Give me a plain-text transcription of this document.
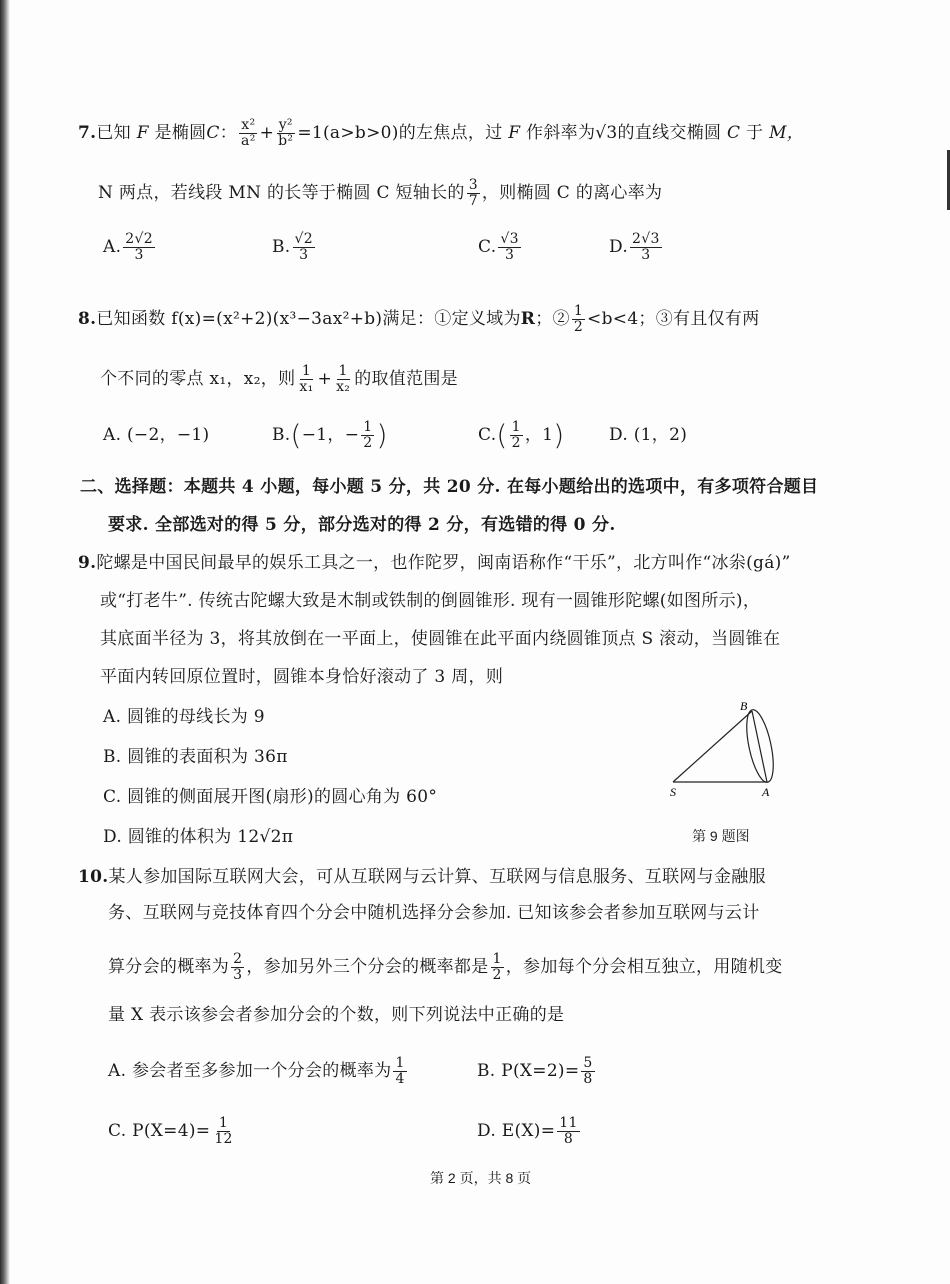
7.已知 F 是椭圆C： $\frac{\text{x²}}{\text{a²}} + \frac{\text{y²}}{\text{b²}} =1(a>b>0)$的左焦点，过 F 作斜率为√3的直线交椭圆 C 于 M，
N 两点，若线段 MN 的长等于椭圆 C 短轴长的 $\frac{3}{7}$ ，则椭圆 C 的离心率为
A. $\frac{2√2}{3}$	B. $\frac{√2}{3}$	C. $\frac{√3}{3}$	D. $\frac{2√3}{3}$
8.已知函数 f(x)=(x²+2)(x³−3ax²+b)满足：①定义域为R；② $\frac{1}{2} <b<4$；③有且仅有两
个不同的零点 x₁，x₂，则 $\frac{1}{\text{x₁}} + \frac{1}{\text{x₂}}$ 的取值范围是
A. (−2，−1)	B.(−1，− $\frac{1}{2}$ )	$C.( \frac{1}{2}$ ，1)	D. (1，2)
二、选择题：本题共 4 小题，每小题 5 分，共 20 分. 在每小题给出的选项中，有多项符合题目
要求. 全部选对的得 5 分，部分选对的得 2 分，有选错的得 0 分.
9.陀螺是中国民间最早的娱乐工具之一，也作陀罗，闽南语称作“干乐”，北方叫作“冰尜(gá)”
或“打老牛”. 传统古陀螺大致是木制或铁制的倒圆锥形. 现有一圆锥形陀螺(如图所示)，
其底面半径为 3，将其放倒在一平面上，使圆锥在此平面内绕圆锥顶点 S 滚动，当圆锥在
平面内转回原位置时，圆锥本身恰好滚动了 3 周，则
A. 圆锥的母线长为 9
B. 圆锥的表面积为 36π
C. 圆锥的侧面展开图(扇形)的圆心角为 60°
D. 圆锥的体积为 12√2π
B
S	A
第 9 题图
10.某人参加国际互联网大会，可从互联网与云计算、互联网与信息服务、互联网与金融服
务、互联网与竞技体育四个分会中随机选择分会参加. 已知该参会者参加互联网与云计
算分会的概率为 $\frac{2}{3}$ ，参加另外三个分会的概率都是 $\frac{1}{2}$ ，参加每个分会相互独立，用随机变
量 X 表示该参会者参加分会的个数，则下列说法中正确的是
A. 参会者至多参加一个分会的概率为 $\frac{1}{4}$	B. $P(X=2)= \frac{5}{8}$
C. $P(X=4)= \frac{1}{12}$	D. $E(X)= \frac{11}{8}$
第 2 页，共 8 页
